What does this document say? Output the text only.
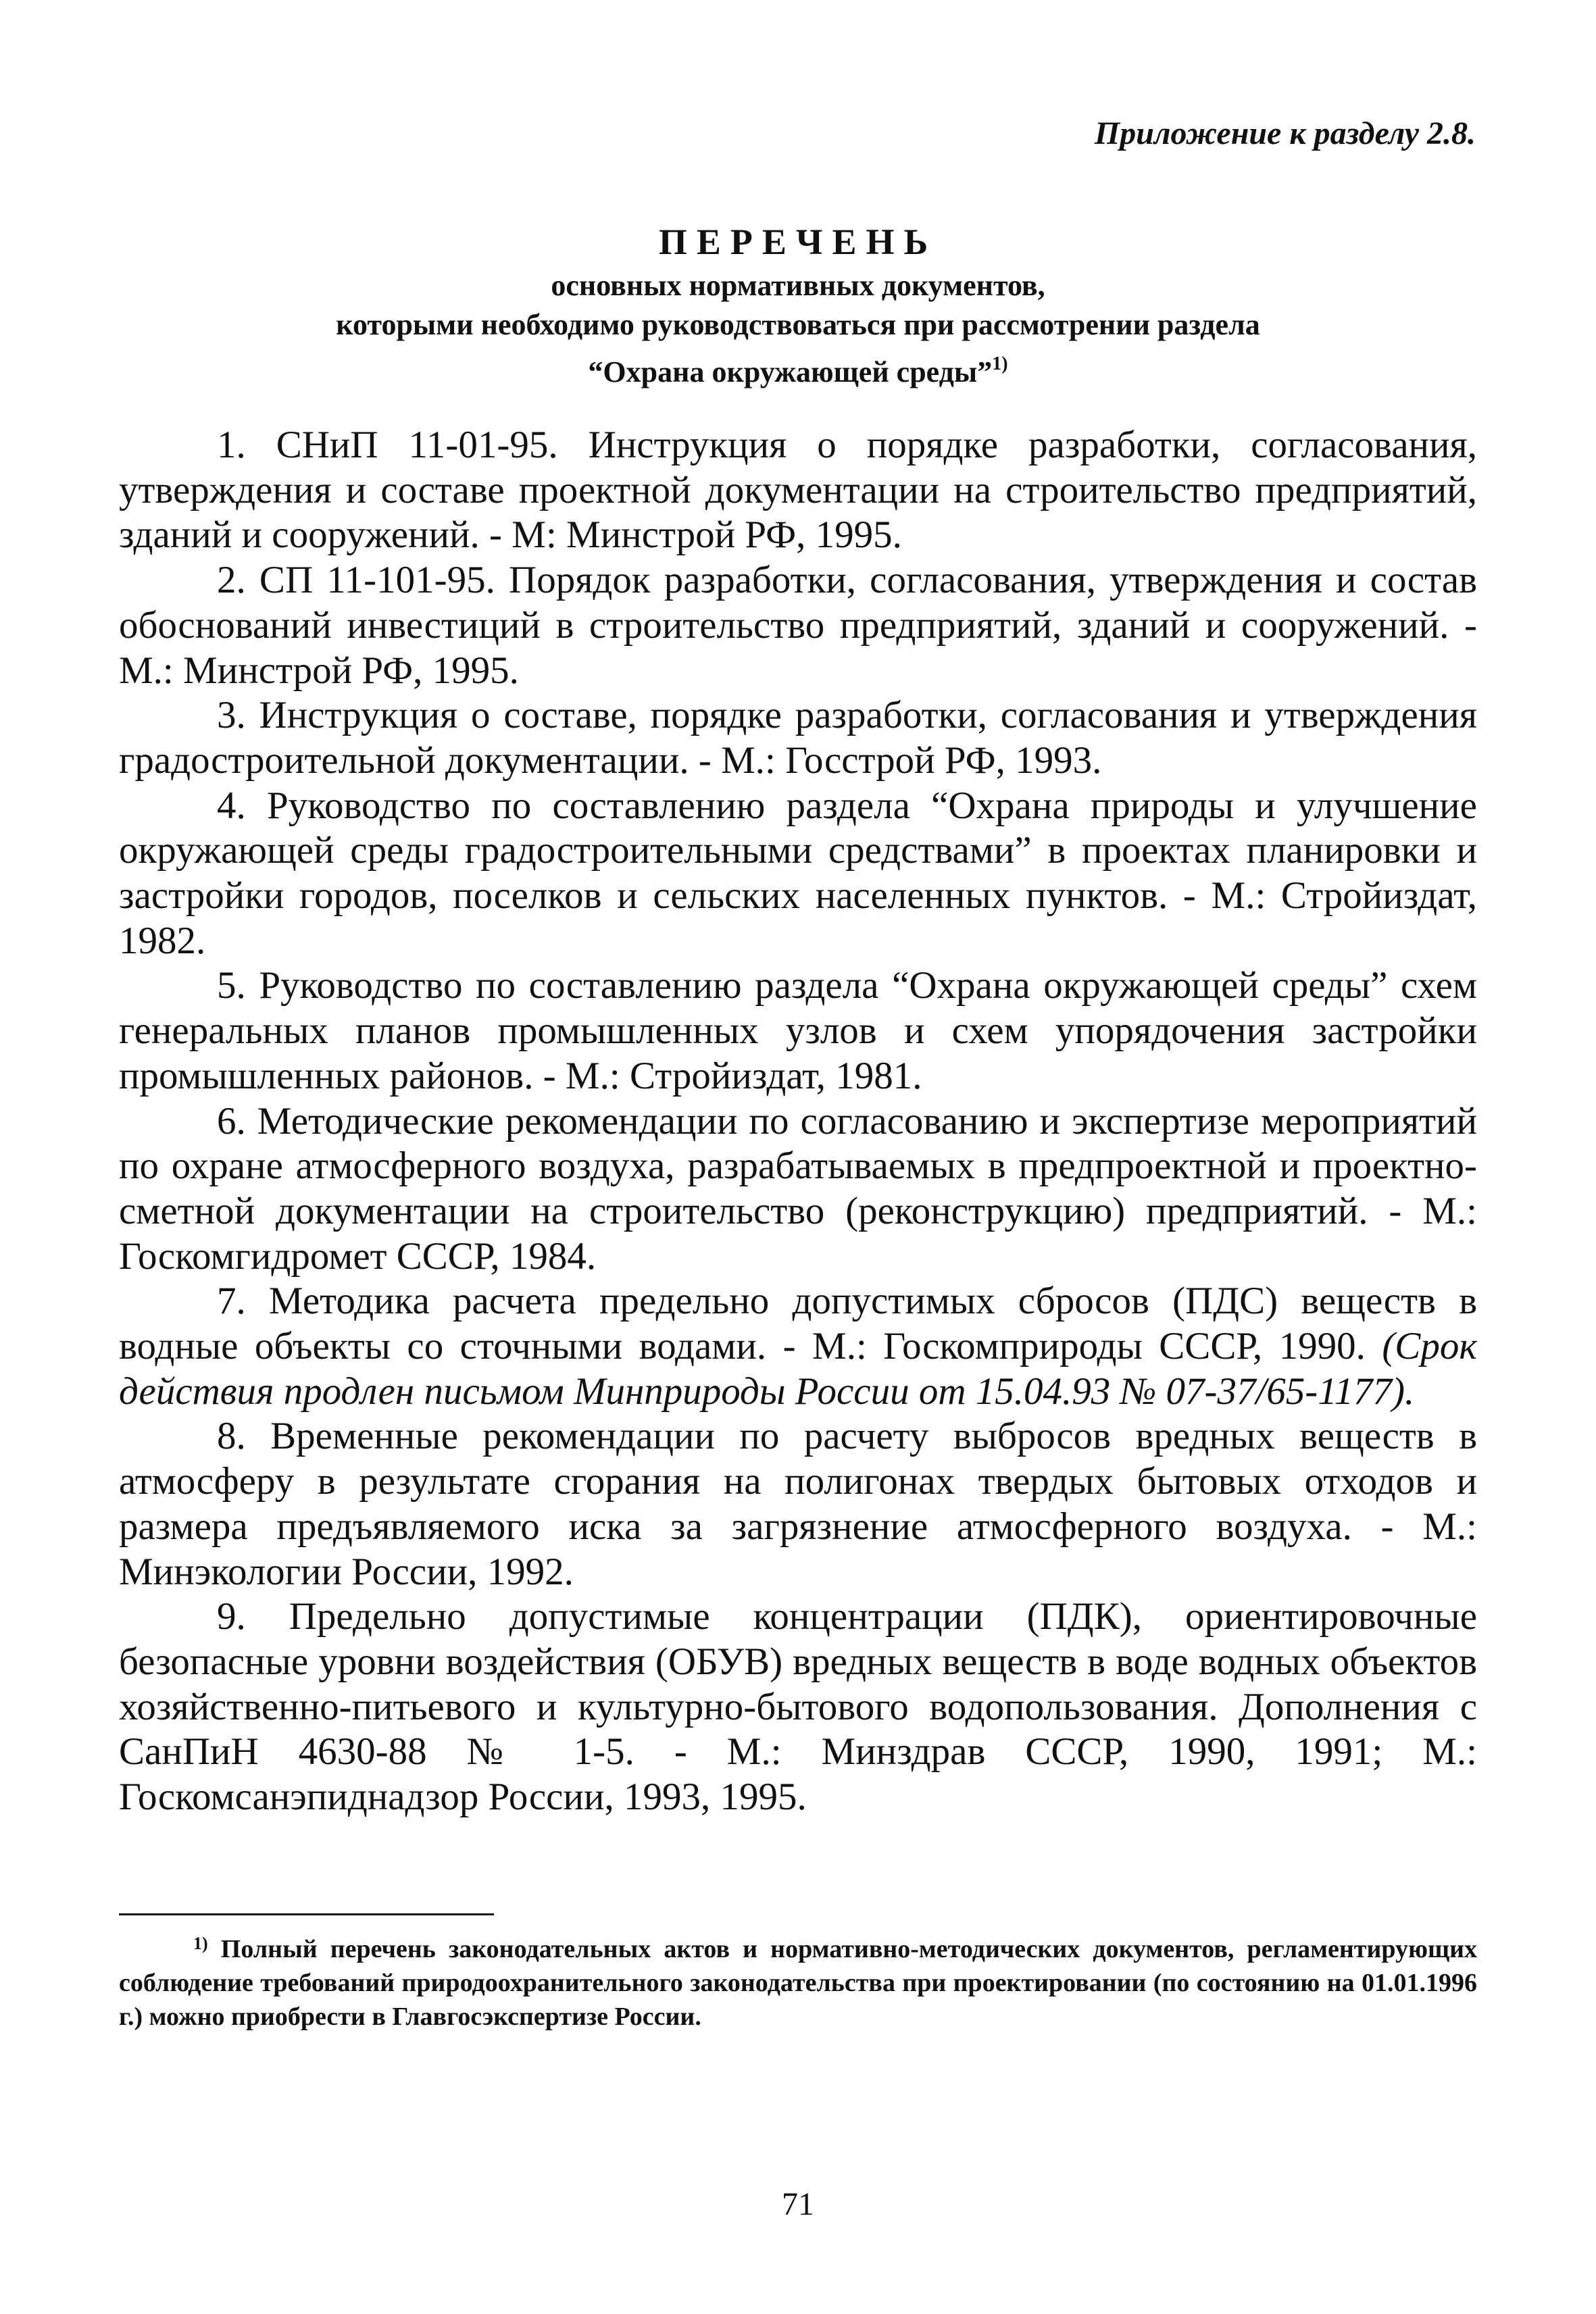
Приложение к разделу 2.8.
ПЕРЕЧЕНЬ
основных нормативных документов,
которыми необходимо руководствоваться при рассмотрении раздела
“Охрана окружающей среды”$^{1)}$

1. СНиП 11-01-95. Инструкция о порядке разработки, согласования, утверждения и составе проектной документации на строительство предприятий, зданий и сооружений. - М: Минстрой РФ, 1995.

2. СП 11-101-95. Порядок разработки, согласования, утверждения и состав обоснований инвестиций в строительство предприятий, зданий и сооружений. - М.: Минстрой РФ, 1995.

3. Инструкция о составе, порядке разработки, согласования и утверждения градостроительной документации. - М.: Госстрой РФ, 1993.

4. Руководство по составлению раздела “Охрана природы и улучшение окружающей среды градостроительными средствами” в проектах планировки и застройки городов, поселков и сельских населенных пунктов. - М.: Стройиздат, 1982.

5. Руководство по составлению раздела “Охрана окружающей среды” схем генеральных планов промышленных узлов и схем упорядочения застройки промышленных районов. - М.: Стройиздат, 1981.

6. Методические рекомендации по согласованию и экспертизе мероприятий по охране атмосферного воздуха, разрабатываемых в предпроектной и проектно-сметной документации на строительство (реконструкцию) предприятий. - М.: Госкомгидромет СССР, 1984.

7. Методика расчета предельно допустимых сбросов (ПДС) веществ в водные объекты со сточными водами. - М.: Госкомприроды СССР, 1990. (Срок действия продлен письмом Минприроды России от 15.04.93 № 07-37/65-1177).

8. Временные рекомендации по расчету выбросов вредных веществ в атмосферу в результате сгорания на полигонах твердых бытовых отходов и размера предъявляемого иска за загрязнение атмосферного воздуха. - М.: Минэкологии России, 1992.

9. Предельно допустимые концентрации (ПДК), ориентировочные безопасные уровни воздействия (ОБУВ) вредных веществ в воде водных объектов хозяйственно-питьевого и культурно-бытового водопользования. Дополнения с СанПиН 4630-88 № 1-5. - М.: Минздрав СССР, 1990, 1991; М.: Госкомсанэпиднадзор России, 1993, 1995.

$^{1)}$ Полный перечень законодательных актов и нормативно-методических документов, регламентирующих соблюдение требований природоохранительного законодательства при проектировании (по состоянию на 01.01.1996 г.) можно приобрести в Главгосэкспертизе России.
71
